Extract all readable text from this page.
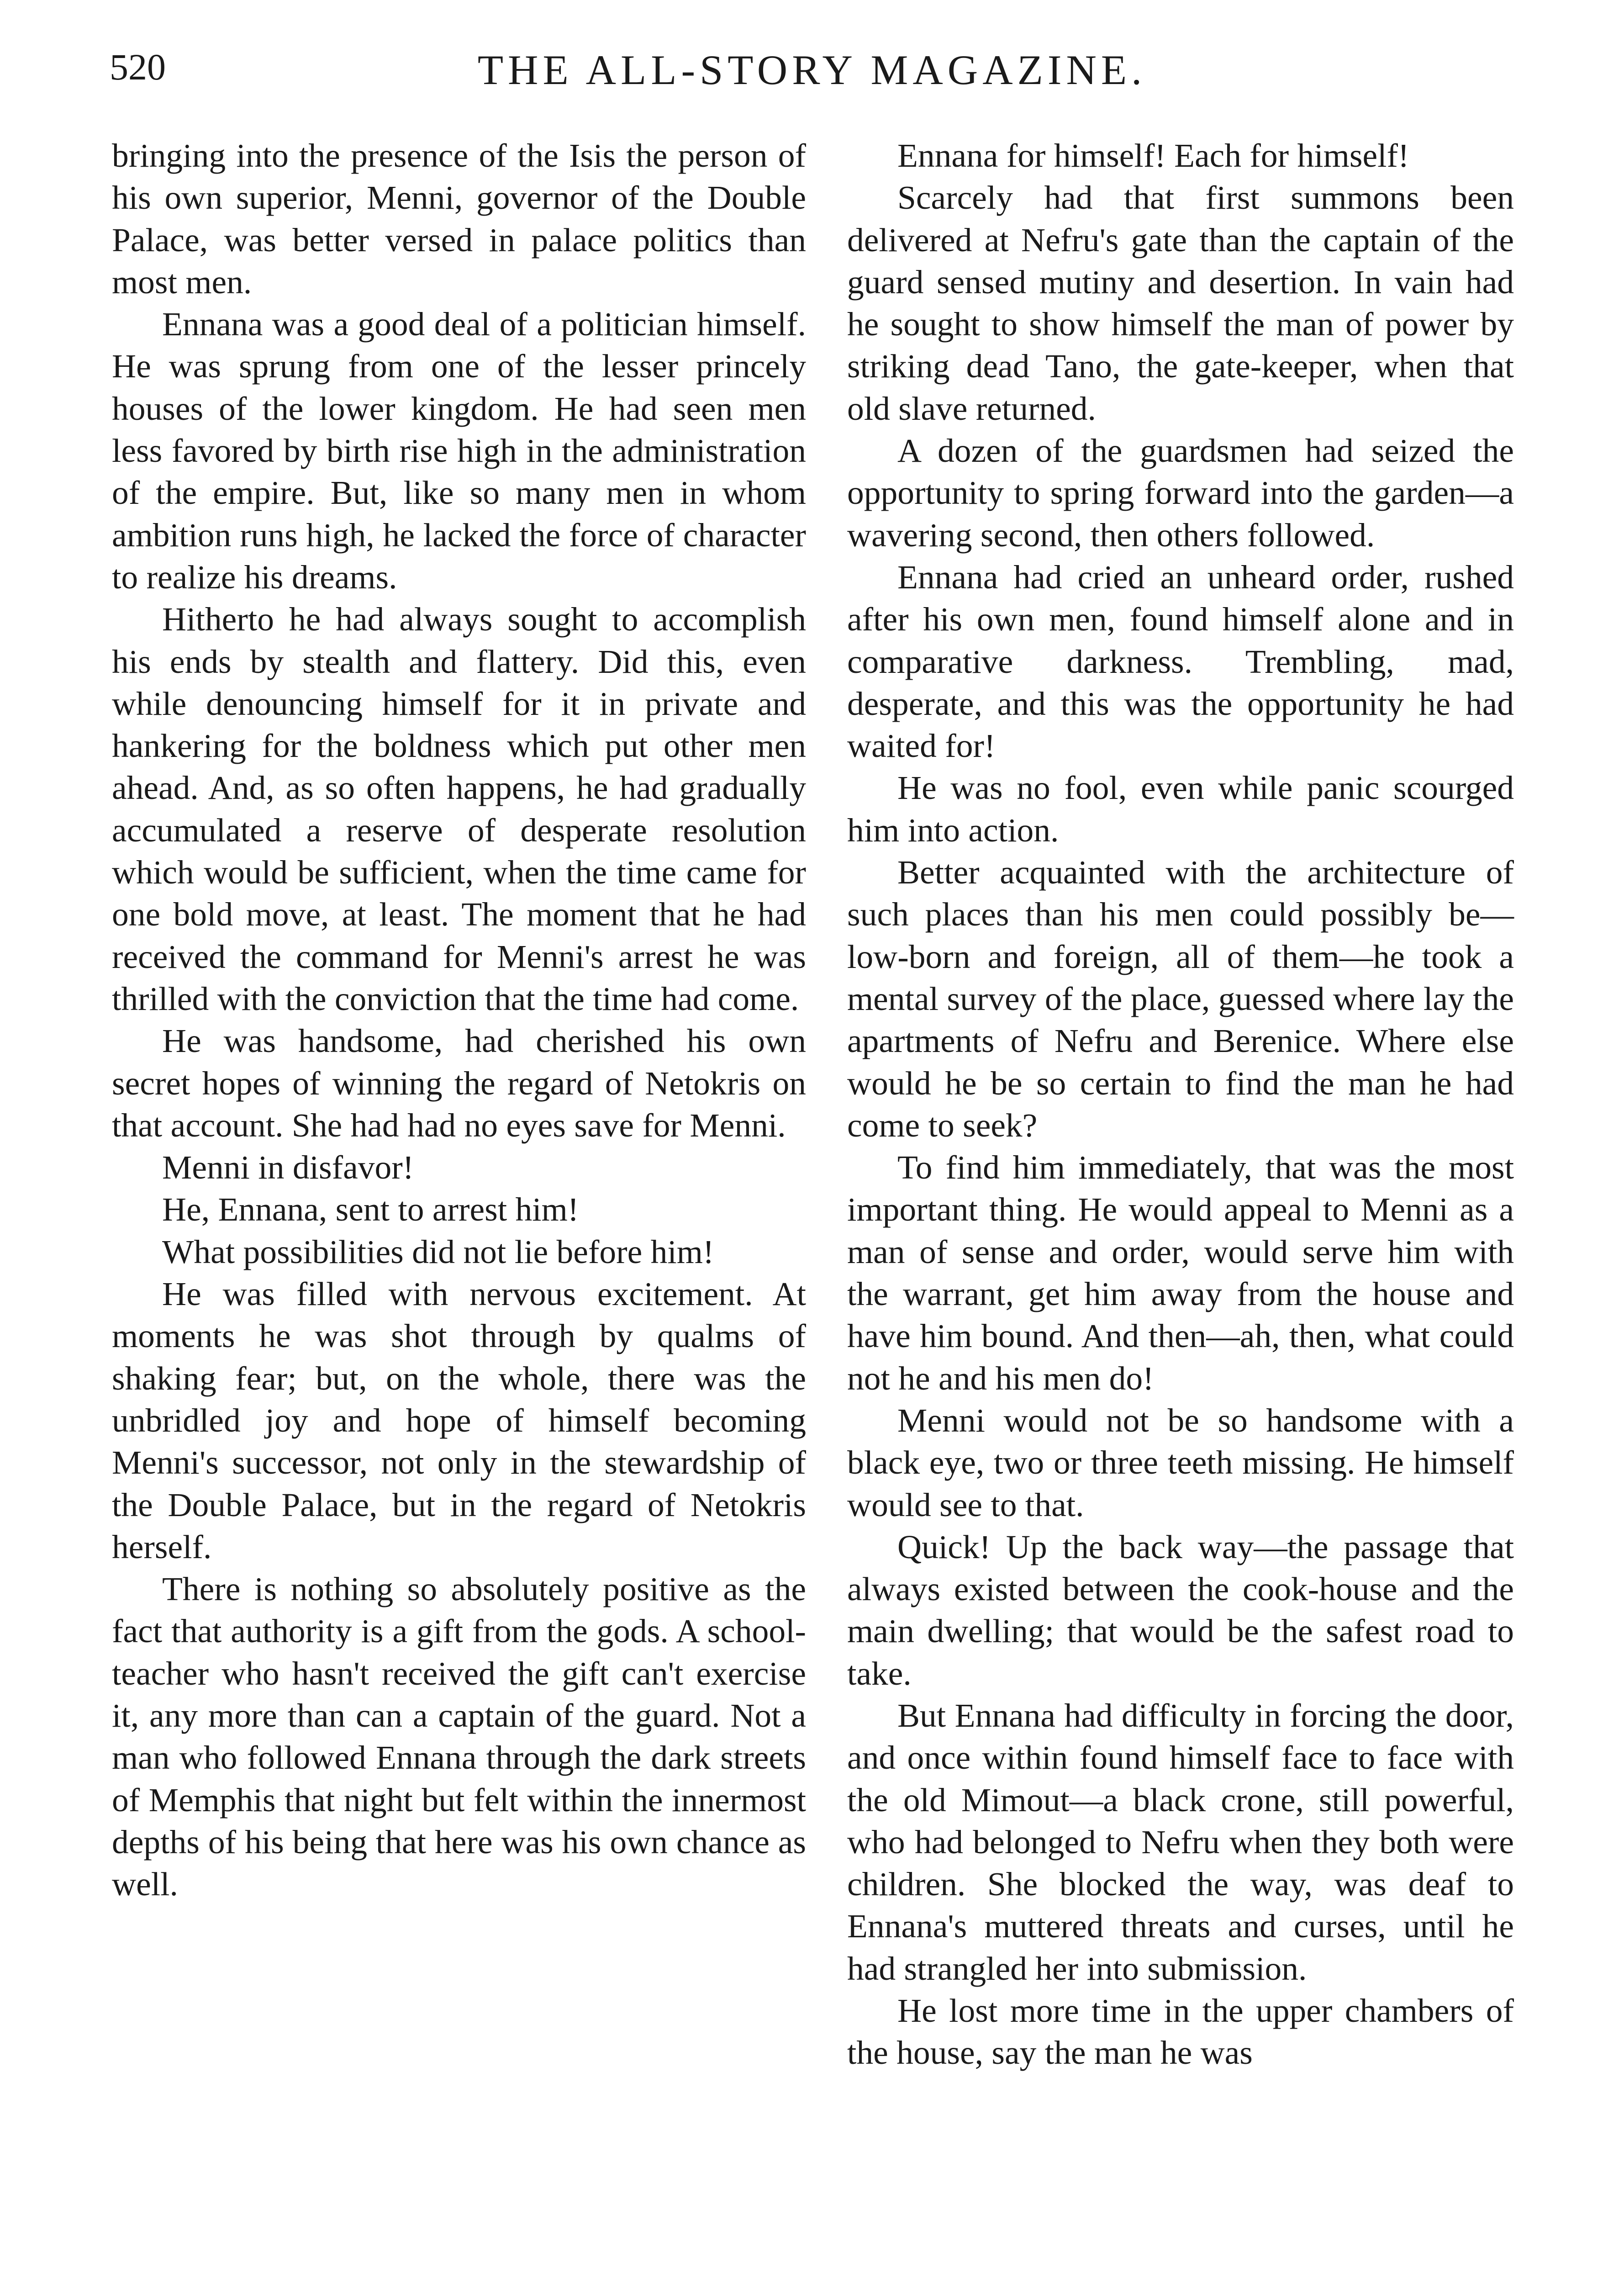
520	THE ALL-STORY MAGAZINE.

bringing into the presence of the Isis the person of his own superior, Menni, governor of the Double Palace, was better versed in palace politics than most men.

Ennana was a good deal of a politician himself. He was sprung from one of the lesser princely houses of the lower kingdom. He had seen men less favored by birth rise high in the administration of the empire. But, like so many men in whom ambition runs high, he lacked the force of character to realize his dreams.

Hitherto he had always sought to accomplish his ends by stealth and flattery. Did this, even while denouncing himself for it in private and hankering for the boldness which put other men ahead. And, as so often happens, he had gradually accumulated a reserve of desperate resolution which would be sufficient, when the time came for one bold move, at least. The moment that he had received the command for Menni's arrest he was thrilled with the conviction that the time had come.

He was handsome, had cherished his own secret hopes of winning the regard of Netokris on that account. She had had no eyes save for Menni.

Menni in disfavor!

He, Ennana, sent to arrest him!

What possibilities did not lie before him!

He was filled with nervous excitement. At moments he was shot through by qualms of shaking fear; but, on the whole, there was the unbridled joy and hope of himself becoming Menni's successor, not only in the stewardship of the Double Palace, but in the regard of Netokris herself.

There is nothing so absolutely positive as the fact that authority is a gift from the gods. A school-teacher who hasn't received the gift can't exercise it, any more than can a captain of the guard. Not a man who followed Ennana through the dark streets of Memphis that night but felt within the innermost depths of his being that here was his own chance as well.

Ennana for himself! Each for himself!

Scarcely had that first summons been delivered at Nefru's gate than the captain of the guard sensed mutiny and desertion. In vain had he sought to show himself the man of power by striking dead Tano, the gate-keeper, when that old slave returned.

A dozen of the guardsmen had seized the opportunity to spring forward into the garden—a wavering second, then others followed.

Ennana had cried an unheard order, rushed after his own men, found himself alone and in comparative darkness. Trembling, mad, desperate, and this was the opportunity he had waited for!

He was no fool, even while panic scourged him into action.

Better acquainted with the architecture of such places than his men could possibly be—low-born and foreign, all of them—he took a mental survey of the place, guessed where lay the apartments of Nefru and Berenice. Where else would he be so certain to find the man he had come to seek?

To find him immediately, that was the most important thing. He would appeal to Menni as a man of sense and order, would serve him with the warrant, get him away from the house and have him bound. And then—ah, then, what could not he and his men do!

Menni would not be so handsome with a black eye, two or three teeth missing. He himself would see to that.

Quick! Up the back way—the passage that always existed between the cook-house and the main dwelling; that would be the safest road to take.

But Ennana had difficulty in forcing the door, and once within found himself face to face with the old Mimout—a black crone, still powerful, who had belonged to Nefru when they both were children. She blocked the way, was deaf to Ennana's muttered threats and curses, until he had strangled her into submission.

He lost more time in the upper chambers of the house, say the man he was
